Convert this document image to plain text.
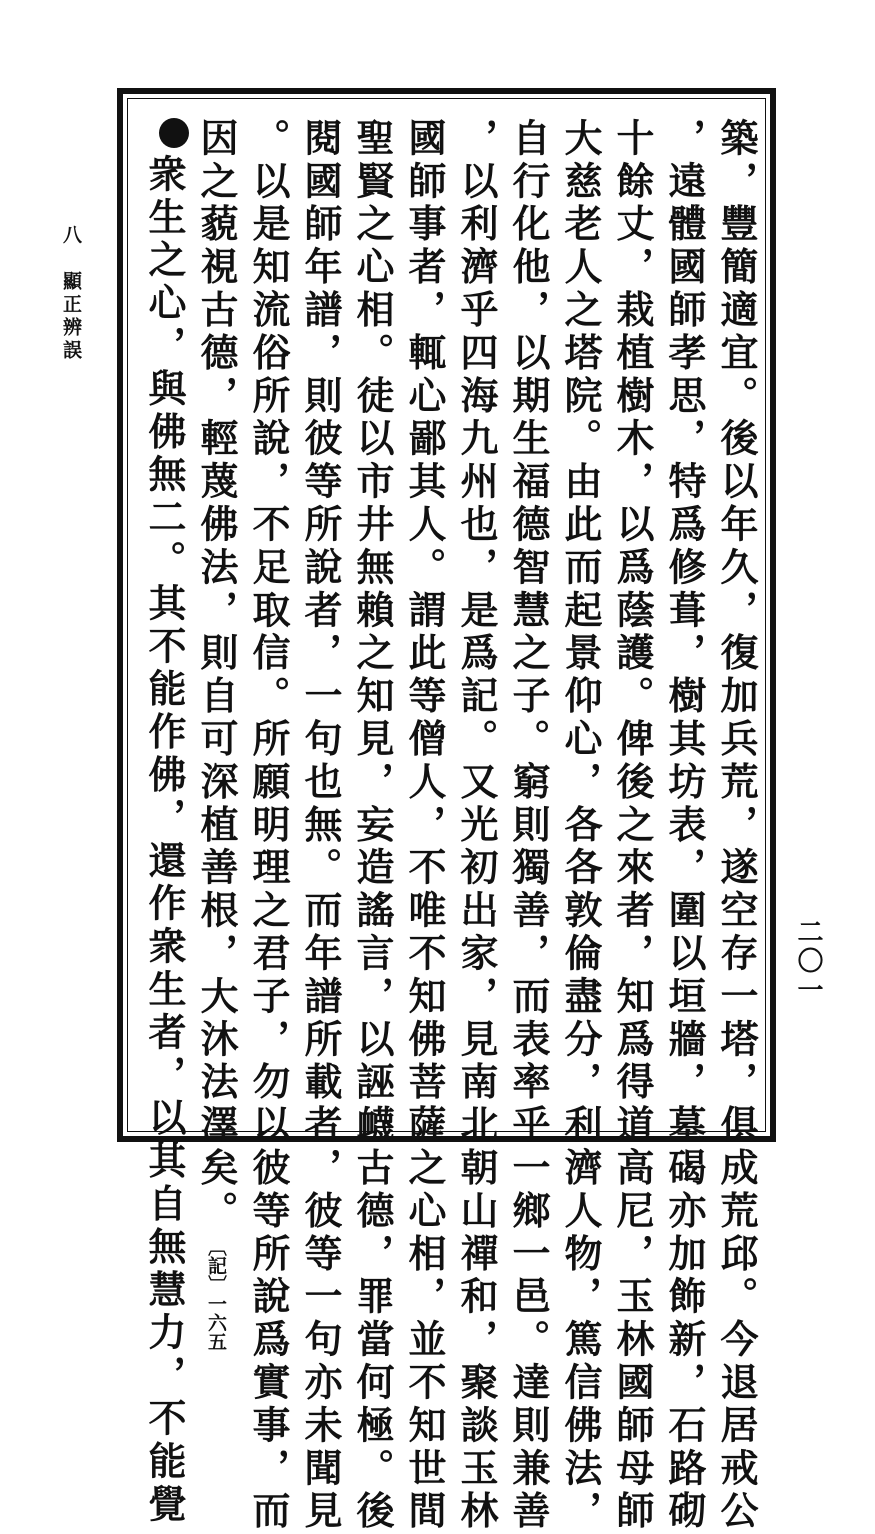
八　顯正辨誤
二〇一
築，豐簡適宜。後以年久，復加兵荒，遂空存一塔，俱成荒邱。今退居戒公
，遠體國師孝思，特爲修葺，樹其坊表，圍以垣牆，墓碣亦加飾新，石路砌
十餘丈，栽植樹木，以爲蔭護。俾後之來者，知爲得道高尼，玉林國師母師
大慈老人之塔院。由此而起景仰心，各各敦倫盡分，利濟人物，篤信佛法，
自行化他，以期生福德智慧之子。窮則獨善，而表率乎一鄉一邑。達則兼善
，以利濟乎四海九州也，是爲記。又光初出家，見南北朝山禪和，聚談玉林
國師事者，輒心鄙其人。謂此等僧人，不唯不知佛菩薩之心相，並不知世間
聖賢之心相。徒以市井無賴之知見，妄造謠言，以誣衊古德，罪當何極。後
閱國師年譜，則彼等所說者，一句也無。而年譜所載者，彼等一句亦未聞見
。以是知流俗所說，不足取信。所願明理之君子，勿以彼等所說爲實事，而
因之藐視古德，輕蔑佛法，則自可深植善根，大沐法澤矣。〔記〕一六五
衆生之心，與佛無二。其不能作佛，還作衆生者，以其自無慧力，不能覺
